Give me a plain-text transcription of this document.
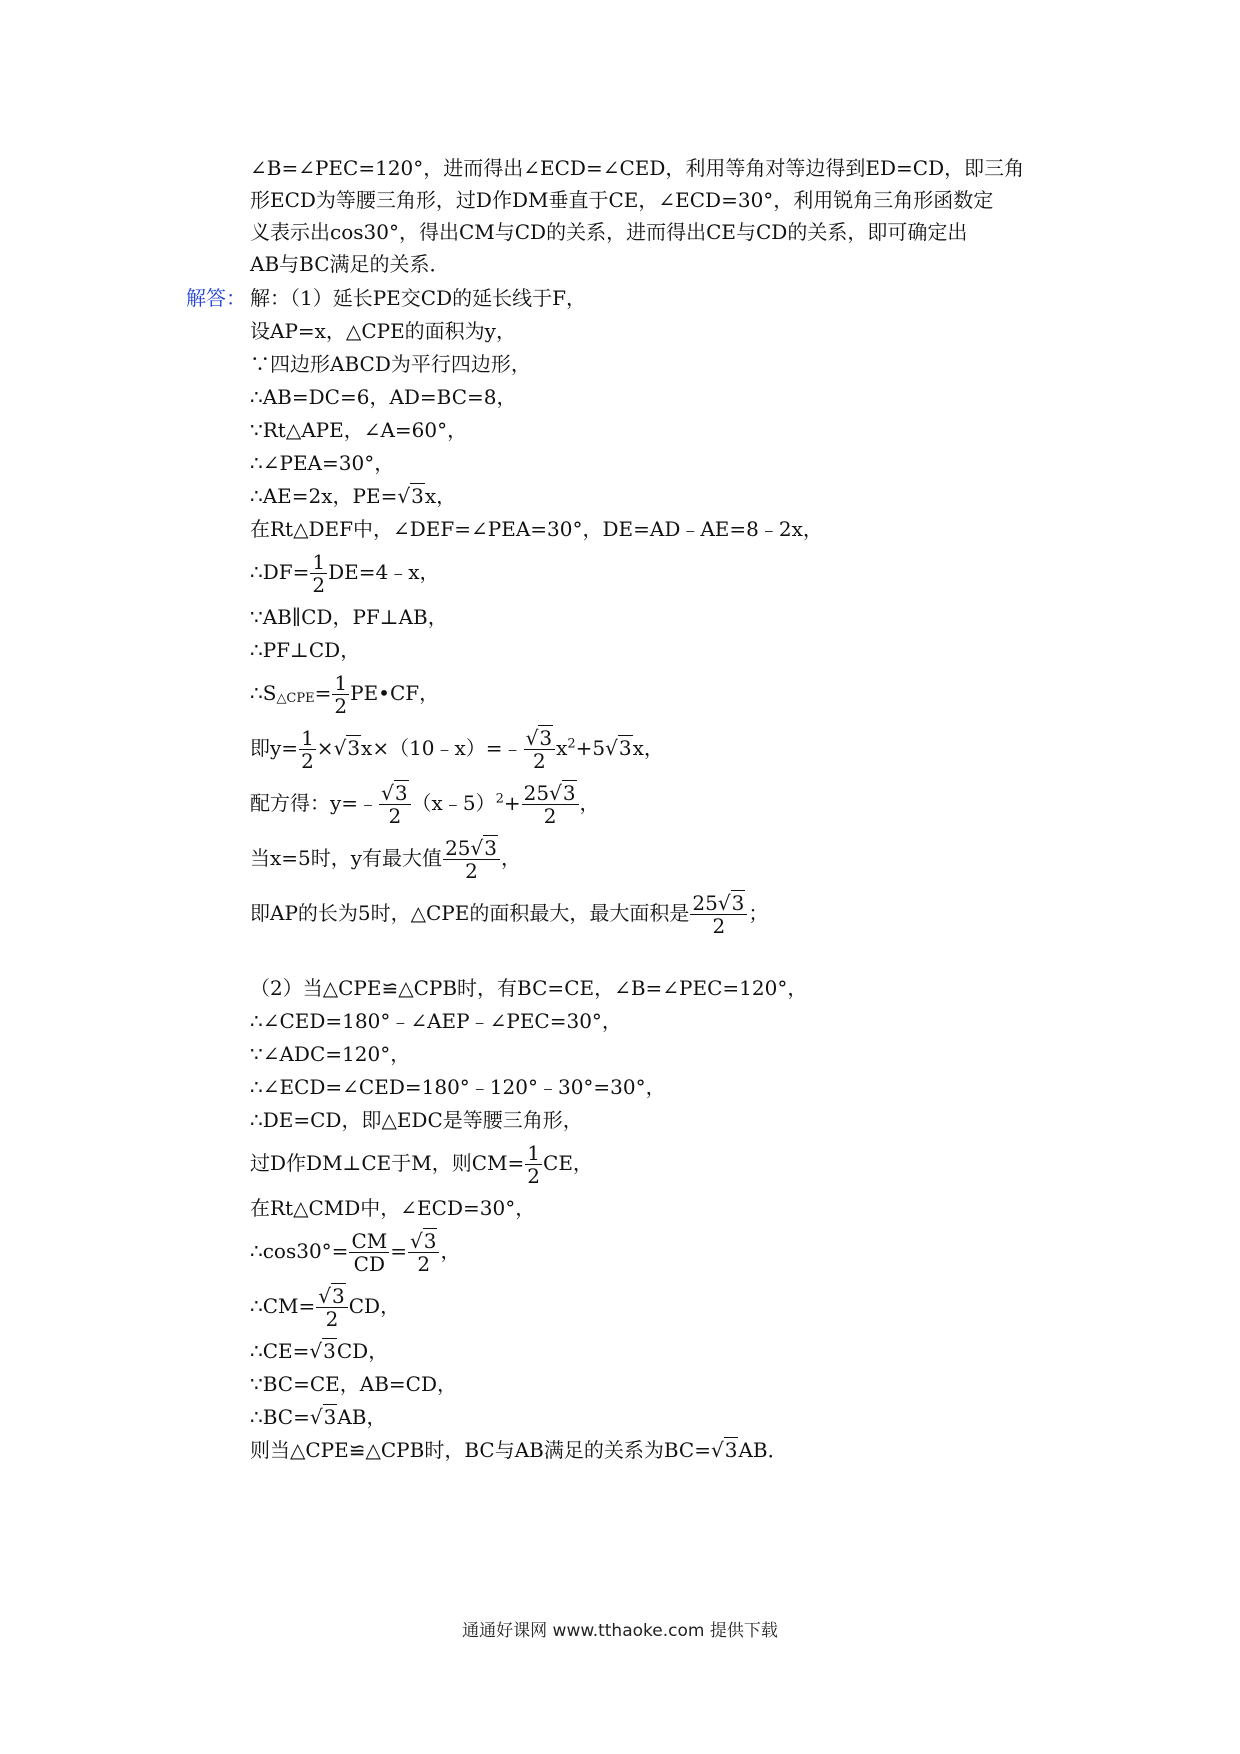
∠B=∠PEC=120°，进而得出∠ECD=∠CED，利用等角对等边得到ED=CD，即三角
形ECD为等腰三角形，过D作DM垂直于CE，∠ECD=30°，利用锐角三角形函数定
义表示出cos30°，得出CM与CD的关系，进而得出CE与CD的关系，即可确定出
AB与BC满足的关系．
解答： 解：（1）延长PE交CD的延长线于F，
设AP=x，△CPE的面积为y，
∵四边形ABCD为平行四边形，
∴AB=DC=6，AD=BC=8，
∵Rt△APE，∠A=60°，
∴∠PEA=30°，
∴AE=2x，PE=√3x，
在Rt△DEF中，∠DEF=∠PEA=30°，DE=AD﹣AE=8﹣2x，
∴DF= $\frac{1}{2}$ DE=4﹣x，
∵AB∥CD，PF⊥AB，
∴PF⊥CD，
∴S△CPE= $\frac{1}{2}$ PE•CF，
即$y= \frac{1}{2}$ ×√3x×（10﹣x）=﹣ $\frac{√3}{2} x^2+5√3x$，
配方得：y=﹣ $\frac{√3}{2}$ （x﹣5）$^2$+ $\frac{25√3}{2}$ ，
当x=5时，y有最大值 $\frac{25√3}{2}$ ，
即AP的长为5时，△CPE的面积最大，最大面积是 $\frac{25√3}{2}$ ；
（2）当△CPE≌△CPB时，有BC=CE，∠B=∠PEC=120°，
∴∠CED=180°﹣∠AEP﹣∠PEC=30°，
∵∠ADC=120°，
∴∠ECD=∠CED=180°﹣120°﹣30°=30°，
∴DE=CD，即△EDC是等腰三角形，
过D作DM⊥CE于M，则$CM= \frac{1}{2}$ CE，
在Rt△CMD中，∠ECD=30°，
∴cos30°= $\frac{CM}{CD} = \frac{√3}{2}$ ，
∴CM= $\frac{√3}{2}$ CD，
∴CE=√3CD，
∵BC=CE，AB=CD，
∴BC=√3AB，
则当△CPE≌△CPB时，BC与AB满足的关系为BC=√3AB．
通通好课网 www.tthaoke.com 提供下载
